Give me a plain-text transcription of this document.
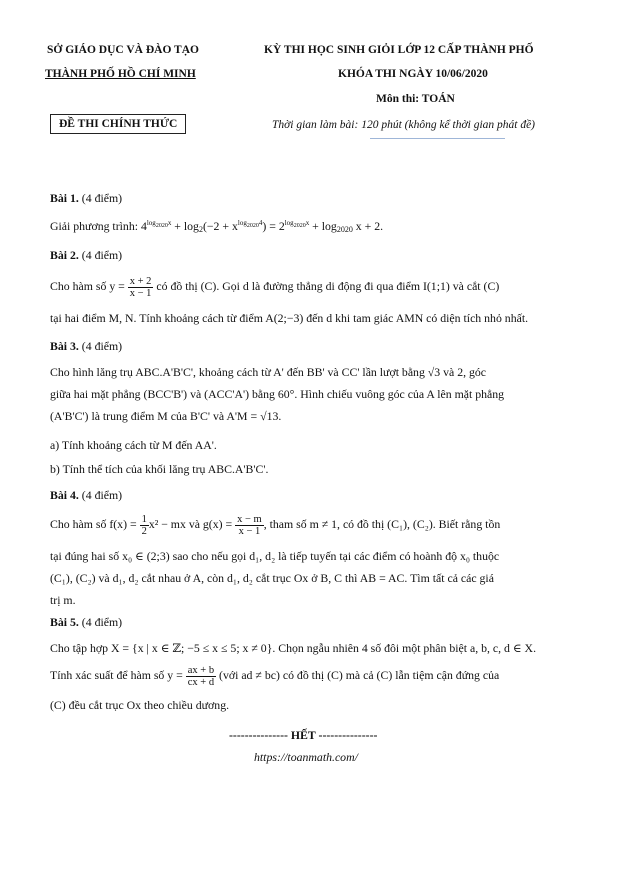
SỞ GIÁO DỤC VÀ ĐÀO TẠO
THÀNH PHỐ HỒ CHÍ MINH
KỲ THI HỌC SINH GIỎI LỚP 12 CẤP THÀNH PHỐ
KHÓA THI NGÀY 10/06/2020
Môn thi: TOÁN
ĐỀ THI CHÍNH THỨC	Thời gian làm bài: 120 phút (không kể thời gian phát đề)
Bài 1. (4 điểm)
Giải phương trình: $4^{log2020x} + \log_2(-2 + x^{log20204}) = 2^{log2020x} + \log_{2020} x + 2$.
Bài 2. (4 điểm)
Cho hàm số $y = \frac{x + 2}{x - 1}$ có đồ thị (C). Gọi d là đường thẳng di động đi qua điểm I(1;1) và cắt (C)
tại hai điểm M, N. Tính khoảng cách từ điểm A(2;−3) đến d khi tam giác AMN có diện tích nhỏ nhất.
Bài 3. (4 điểm)
Cho hình lăng trụ ABC.A'B'C', khoảng cách từ A' đến BB' và CC' lần lượt bằng √3 và 2, góc
giữa hai mặt phẳng (BCC'B') và (ACC'A') bằng 60°. Hình chiếu vuông góc của A lên mặt phẳng
(A'B'C') là trung điểm M của B'C' và A'M = √13.
a) Tính khoảng cách từ M đến AA'.
b) Tính thể tích của khối lăng trụ ABC.A'B'C'.
Bài 4. (4 điểm)
Cho hàm số $f(x) = \frac{1}{2} x^2$ − mx và $g(x) = \frac{x - m}{x - 1}$ , tham số m ≠ 1, có đồ thị (C₁), (C₂). Biết rằng tồn
tại đúng hai số x₀ ∈ (2;3) sao cho nếu gọi d₁, d₂ là tiếp tuyến tại các điểm có hoành độ x₀ thuộc
(C₁), (C₂) và d₁, d₂ cắt nhau ở A, còn d₁, d₂ cắt trục Ox ở B, C thì AB = AC. Tìm tất cả các giá
trị m.
Bài 5. (4 điểm)
Cho tập hợp X = {x | x ∈ ℤ; −5 ≤ x ≤ 5; x ≠ 0}. Chọn ngẫu nhiên 4 số đôi một phân biệt a, b, c, d ∈ X.
Tính xác suất để hàm số $y = \frac{ax + b}{cx + d}$ (với ad ≠ bc) có đồ thị (C) mà cả (C) lẫn tiệm cận đứng của
(C) đều cắt trục Ox theo chiều dương.
--------------- HẾT ---------------
https://toanmath.com/
